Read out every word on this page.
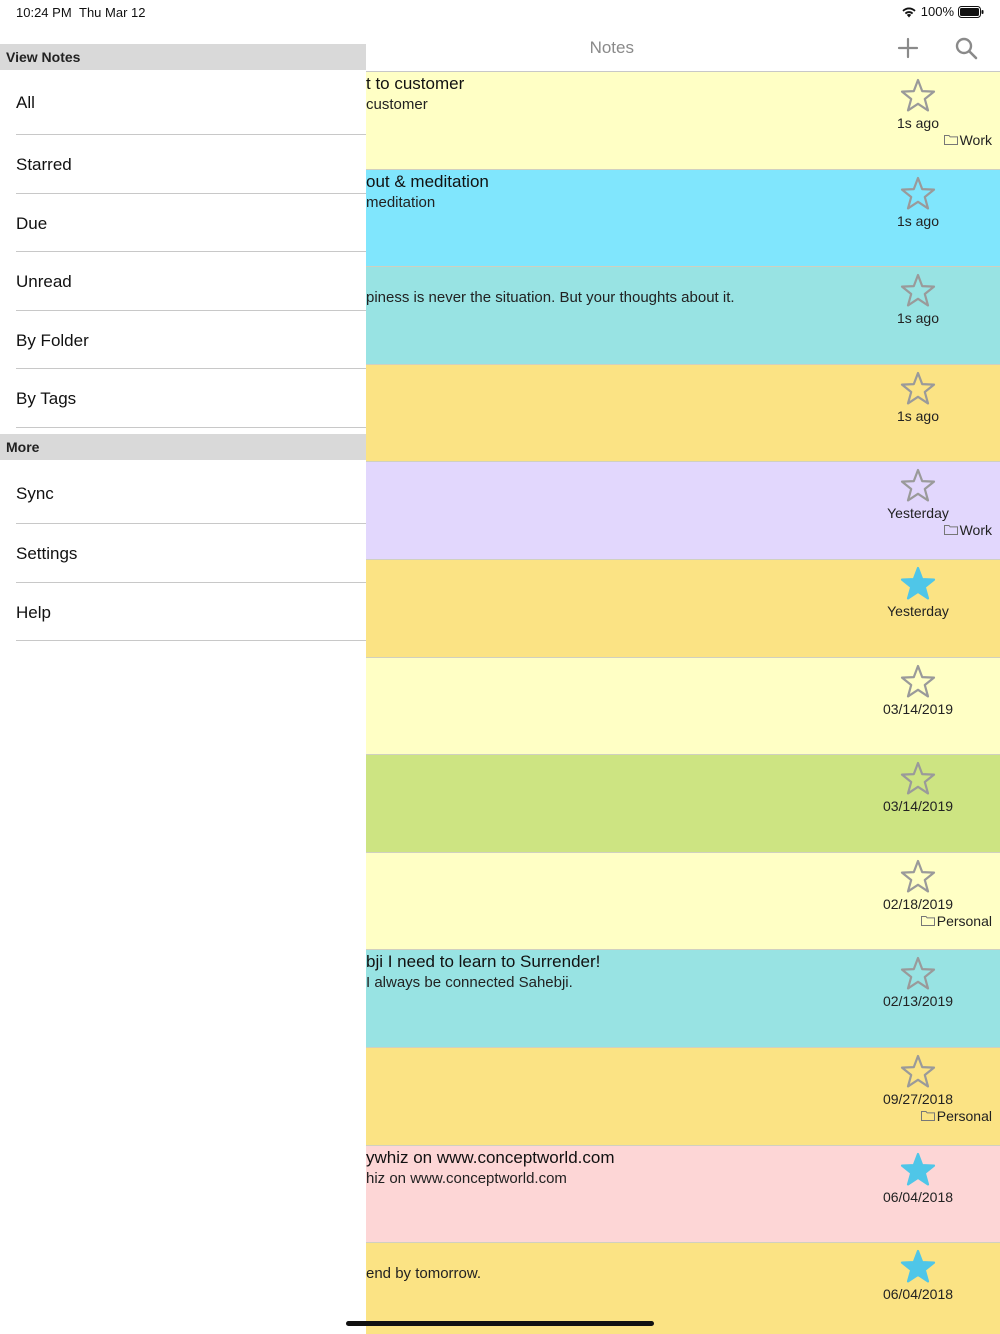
10:24 PM Thu Mar 12	100%
Notes
t to customer
customer
1s ago
Work
out & meditation
meditation
1s ago
piness is never the situation. But your thoughts about it.
1s ago
1s ago
Yesterday
Work
Yesterday
03/14/2019
03/14/2019
02/18/2019
Personal
bji I need to learn to Surrender!
I always be connected Sahebji.
02/13/2019
09/27/2018
Personal
ywhiz on www.conceptworld.com
hiz on www.conceptworld.com
06/04/2018
end by tomorrow.
06/04/2018
View Notes
All
Starred
Due
Unread
By Folder
By Tags
More
Sync
Settings
Help
